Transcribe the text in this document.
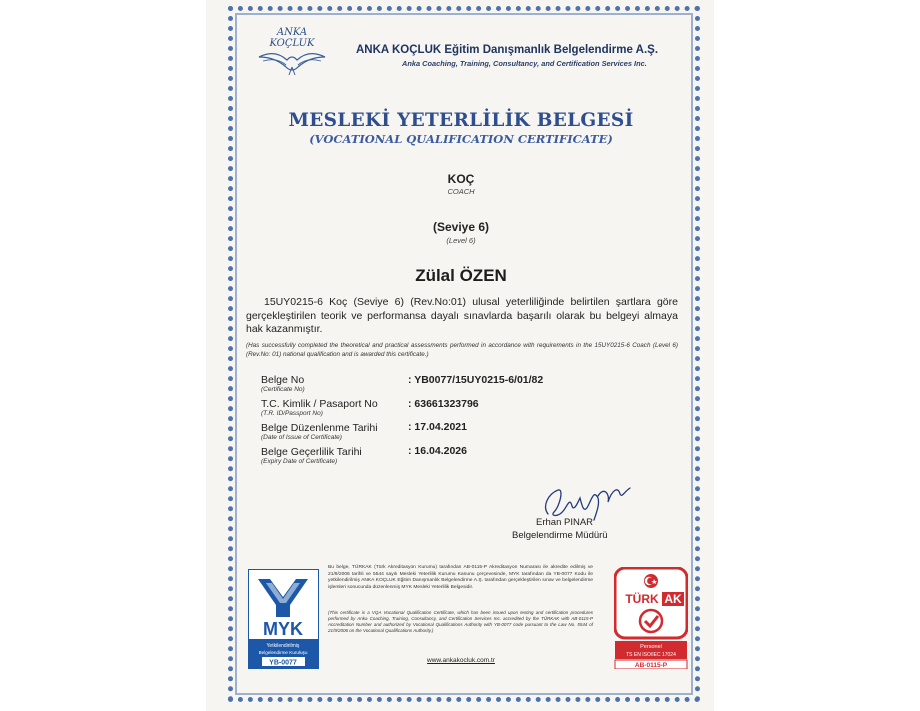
ANKA KOÇLUK
ANKA KOÇLUK Eğitim Danışmanlık Belgelendirme A.Ş.
Anka Coaching, Training, Consultancy, and Certification Services Inc.
MESLEKİ YETERLİLİK BELGESİ
(VOCATIONAL QUALIFICATION CERTIFICATE)
KOÇ
COACH
(Seviye 6)
(Level 6)
Zülal ÖZEN
15UY0215-6 Koç (Seviye 6) (Rev.No:01) ulusal yeterliliğinde belirtilen şartlara göre gerçekleştirilen teorik ve performansa dayalı sınavlarda başarılı olarak bu belgeyi almaya hak kazanmıştır.
(Has successfully completed the theoretical and practical assessments performed in accordance with requirements in the 15UY0215-6 Coach (Level 6) (Rev.No: 01) national qualification and is awarded this certificate.)
Belge No
(Certificate No)
: YB0077/15UY0215-6/01/82
T.C. Kimlik / Pasaport No
(T.R. ID/Passport No)
: 63661323796
Belge Düzenlenme Tarihi
(Date of Issue of Certificate)
: 17.04.2021
Belge Geçerlilik Tarihi
(Expiry Date of Certificate)
: 16.04.2026
Erhan PINAR
Belgelendirme Müdürü
MYK
Yetkilendirilmiş
Belgelendirme Kuruluşu
YB-0077
Bu belge, TÜRKAK (Türk Akreditasyon Kurumu) tarafından AB-0115-P Akreditasyon Numarası ile akredite edilmiş ve 21/9/2006 tarihli ve 5544 sayılı Mesleki Yeterlilik Kurumu Kanunu çerçevesinde, MYK tarafından da YB-0077 Kodu ile yetkilendirilmiş ANKA KOÇLUK Eğitim Danışmanlık Belgelendirme A.Ş. tarafından gerçekleştirilen sınav ve belgelendirme işlemleri sonucunda düzenlenmiş MYK Mesleki Yeterlilik Belgesidir.
(This certificate is a VQA Vocational Qualification Certificate, which has been issued upon testing and certification procedures performed by Anka Coaching, Training, Consultancy, and Certification Services Inc. accredited by the TÜRKAK with AB-0115-P Accreditation Number and authorized by Vocational Qualifications Authority with YB-0077 code pursuant to the Law No. 5544 of 21/9/2006 on the Vocational Qualifications Authority.)
www.ankakocluk.com.tr
TÜRK AK
Personel
TS EN ISO/IEC 17024
AB-0115-P
